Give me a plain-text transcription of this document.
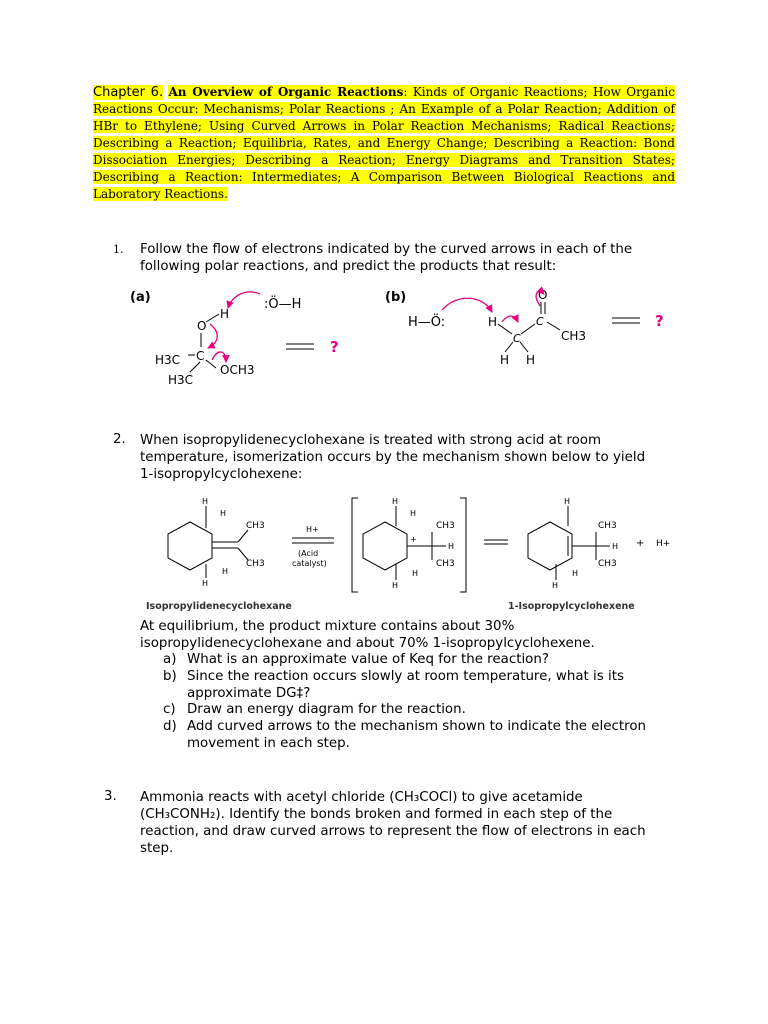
Chapter 6. An Overview of Organic Reactions: Kinds of Organic Reactions; How Organic Reactions Occur: Mechanisms; Polar Reactions ; An Example of a Polar Reaction; Addition of HBr to Ethylene; Using Curved Arrows in Polar Reaction Mechanisms; Radical Reactions; Describing a Reaction; Equilibria, Rates, and Energy Change; Describing a Reaction: Bond Dissociation Energies; Describing a Reaction; Energy Diagrams and Transition States; Describing a Reaction: Intermediates; A Comparison Between Biological Reactions and Laboratory Reactions.
1. Follow the flow of electrons indicated by the curved arrows in each of the following polar reactions, and predict the products that result:
(a)	:Ö—H
H
O
C
H3C
H3C
OCH3
?
(b)
H—Ö:	H
C
C
O
CH3
H H
?
2. When isopropylidenecyclohexane is treated with strong acid at room temperature, isomerization occurs by the mechanism shown below to yield 1-isopropylcyclohexene:
CH3
CH3
H
H
H
H
H+
(Acid
catalyst)
+
CH3
H
CH3
H
H
H
H
CH3
H
CH3
H
H
H
+ H+
Isopropylidenecyclohexane	1-Isopropylcyclohexene
At equilibrium, the product mixture contains about 30% isopropylidenecyclohexane and about 70% 1-isopropylcyclohexene.
a) What is an approximate value of Keq for the reaction?
b) Since the reaction occurs slowly at room temperature, what is its approximate DG‡?
c) Draw an energy diagram for the reaction.
d) Add curved arrows to the mechanism shown to indicate the electron movement in each step.
3. Ammonia reacts with acetyl chloride (CH₃COCl) to give acetamide (CH₃CONH₂). Identify the bonds broken and formed in each step of the reaction, and draw curved arrows to represent the flow of electrons in each step.
